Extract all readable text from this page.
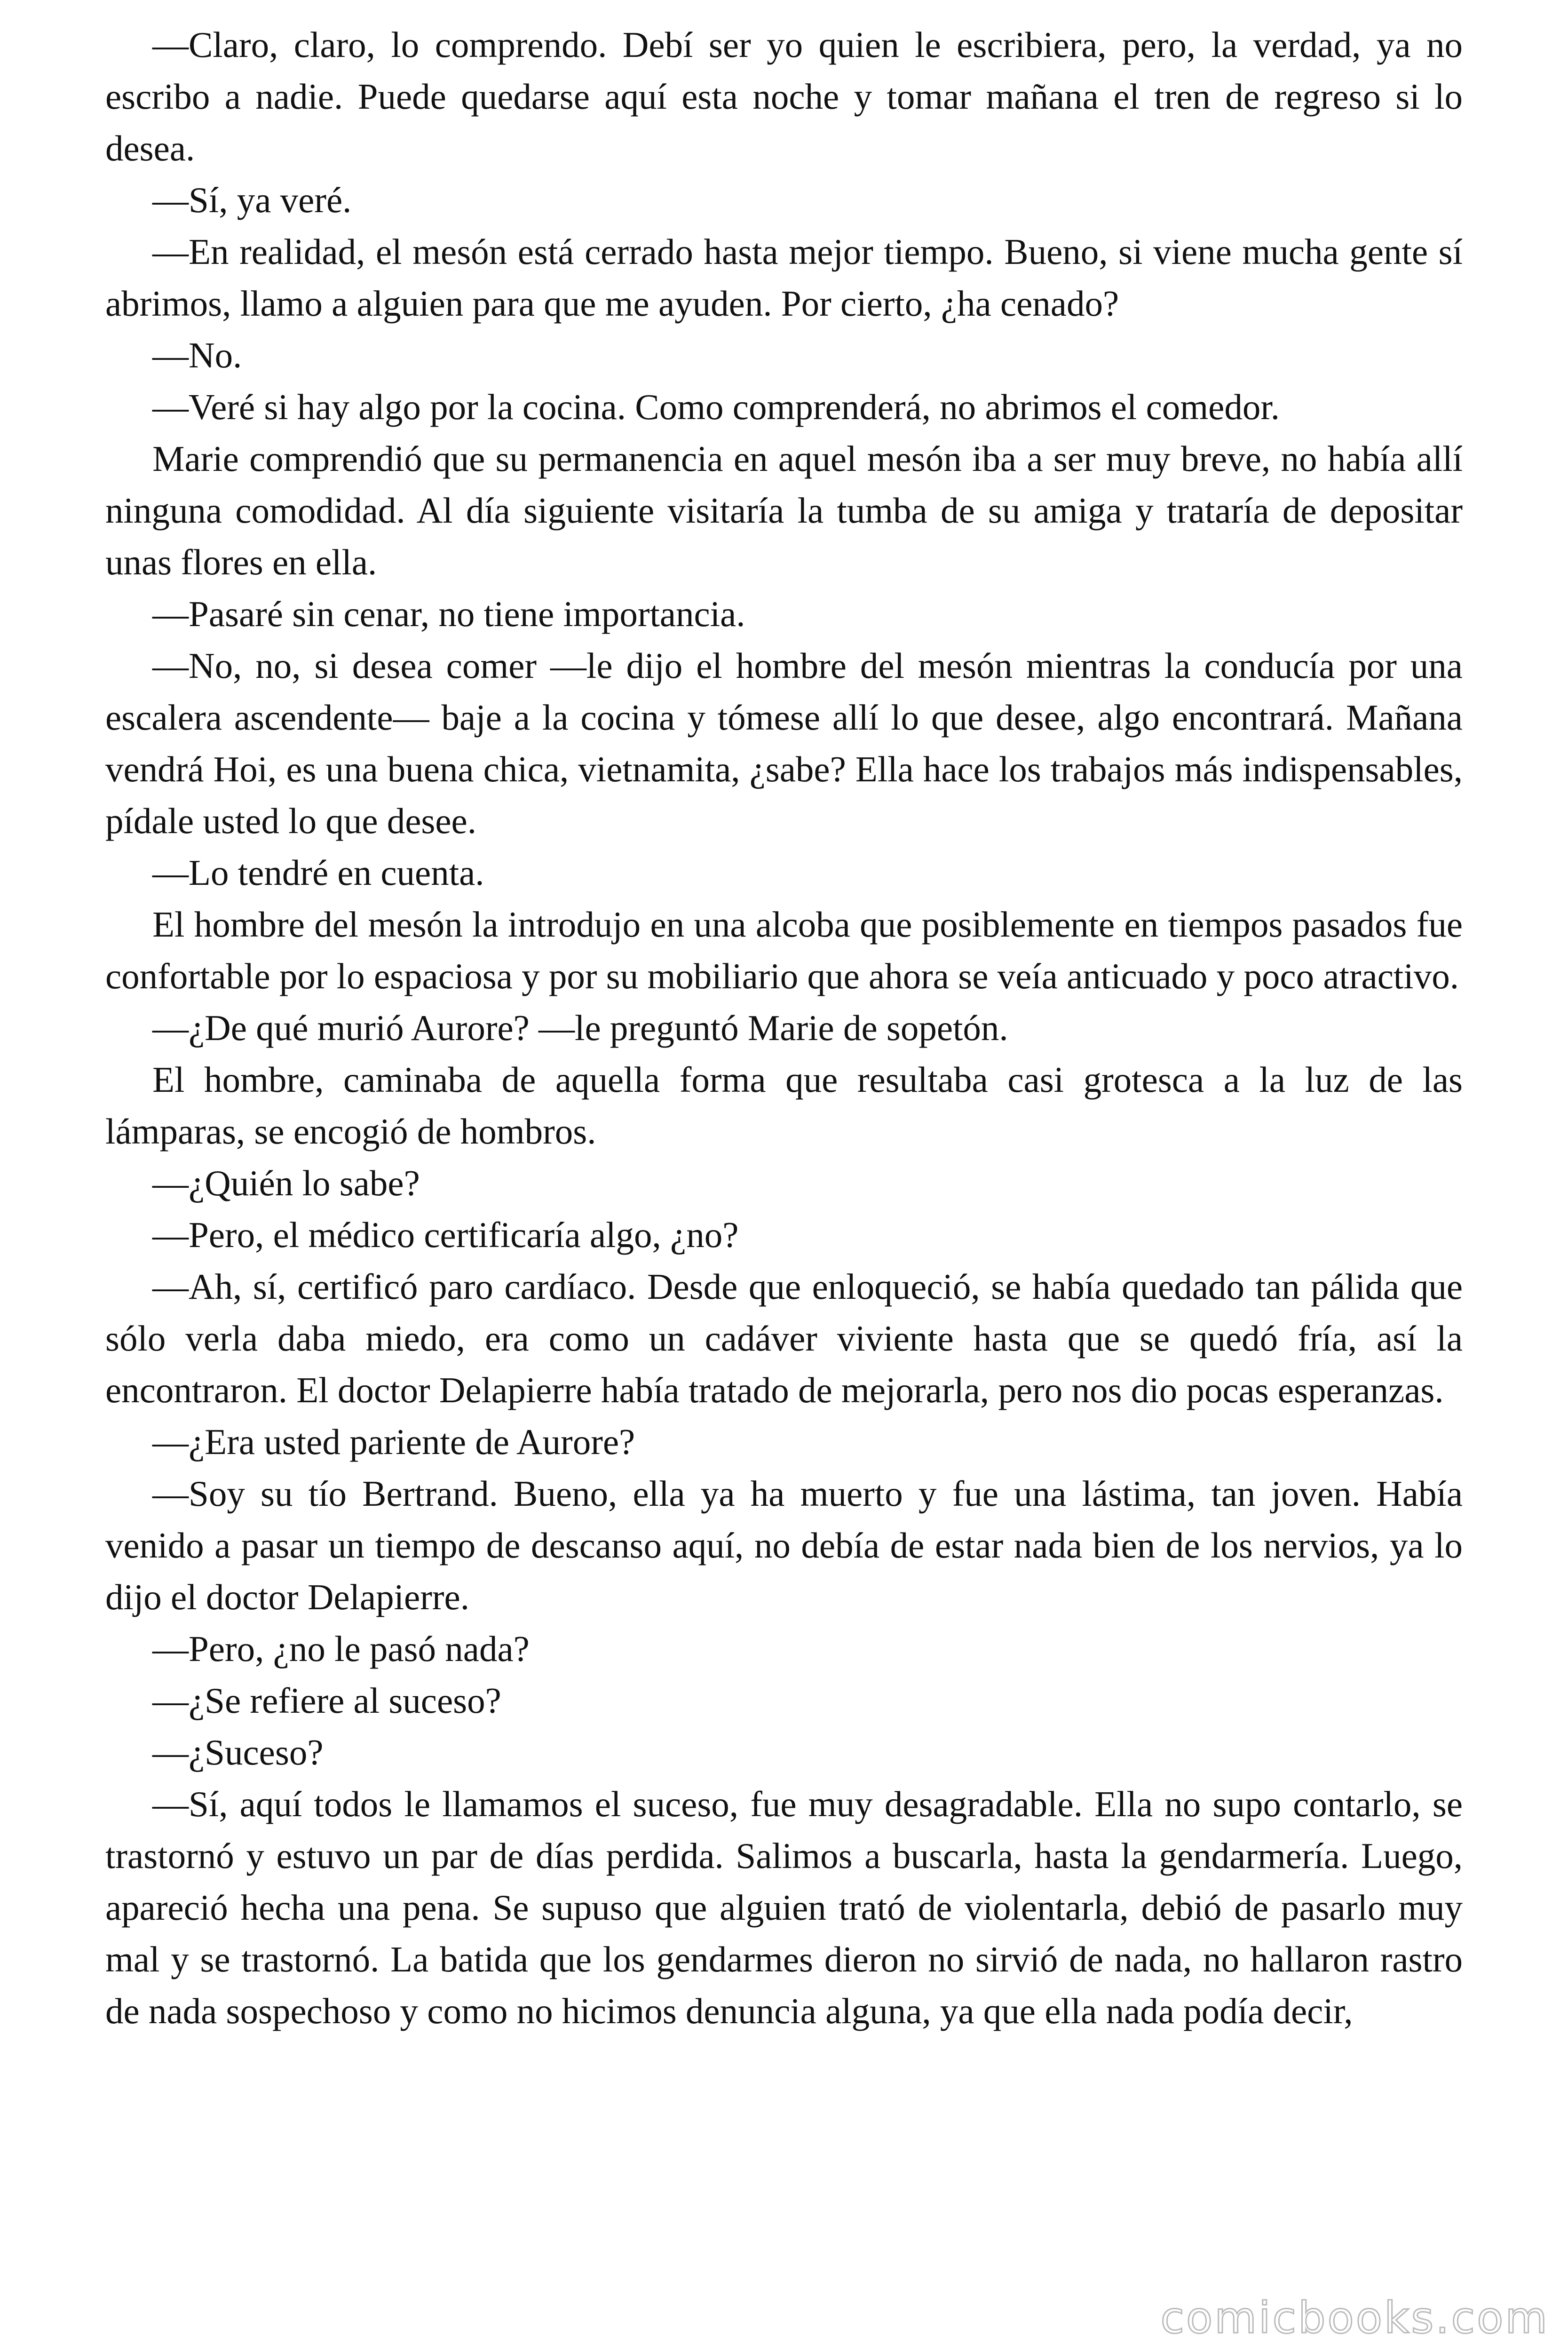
—Claro, claro, lo comprendo. Debí ser yo quien le escribiera, pero, la verdad, ya no escribo a nadie. Puede quedarse aquí esta noche y tomar mañana el tren de regreso si lo desea.

—Sí, ya veré.

—En realidad, el mesón está cerrado hasta mejor tiempo. Bueno, si viene mucha gente sí abrimos, llamo a alguien para que me ayuden. Por cierto, ¿ha cenado?

—No.

—Veré si hay algo por la cocina. Como comprenderá, no abrimos el comedor.

Marie comprendió que su permanencia en aquel mesón iba a ser muy breve, no había allí ninguna comodidad. Al día siguiente visitaría la tumba de su amiga y trataría de depositar unas flores en ella.

—Pasaré sin cenar, no tiene importancia.

—No, no, si desea comer —le dijo el hombre del mesón mientras la conducía por una escalera ascendente— baje a la cocina y tómese allí lo que desee, algo encontrará. Mañana vendrá Hoi, es una buena chica, vietnamita, ¿sabe? Ella hace los trabajos más indispensables, pídale usted lo que desee.

—Lo tendré en cuenta.

El hombre del mesón la introdujo en una alcoba que posiblemente en tiempos pasados fue confortable por lo espaciosa y por su mobiliario que ahora se veía anticuado y poco atractivo.

—¿De qué murió Aurore? —le preguntó Marie de sopetón.

El hombre, caminaba de aquella forma que resultaba casi grotesca a la luz de las lámparas, se encogió de hombros.

—¿Quién lo sabe?

—Pero, el médico certificaría algo, ¿no?

—Ah, sí, certificó paro cardíaco. Desde que enloqueció, se había quedado tan pálida que sólo verla daba miedo, era como un cadáver viviente hasta que se quedó fría, así la encontraron. El doctor Delapierre había tratado de mejorarla, pero nos dio pocas esperanzas.

—¿Era usted pariente de Aurore?

—Soy su tío Bertrand. Bueno, ella ya ha muerto y fue una lástima, tan joven. Había venido a pasar un tiempo de descanso aquí, no debía de estar nada bien de los nervios, ya lo dijo el doctor Delapierre.

—Pero, ¿no le pasó nada?

—¿Se refiere al suceso?

—¿Suceso?

—Sí, aquí todos le llamamos el suceso, fue muy desagradable. Ella no supo contarlo, se trastornó y estuvo un par de días perdida. Salimos a buscarla, hasta la gendarmería. Luego, apareció hecha una pena. Se supuso que alguien trató de violentarla, debió de pasarlo muy mal y se trastornó. La batida que los gendarmes dieron no sirvió de nada, no hallaron rastro de nada sospechoso y como no hicimos denuncia alguna, ya que ella nada podía decir,

comicbooks.com
